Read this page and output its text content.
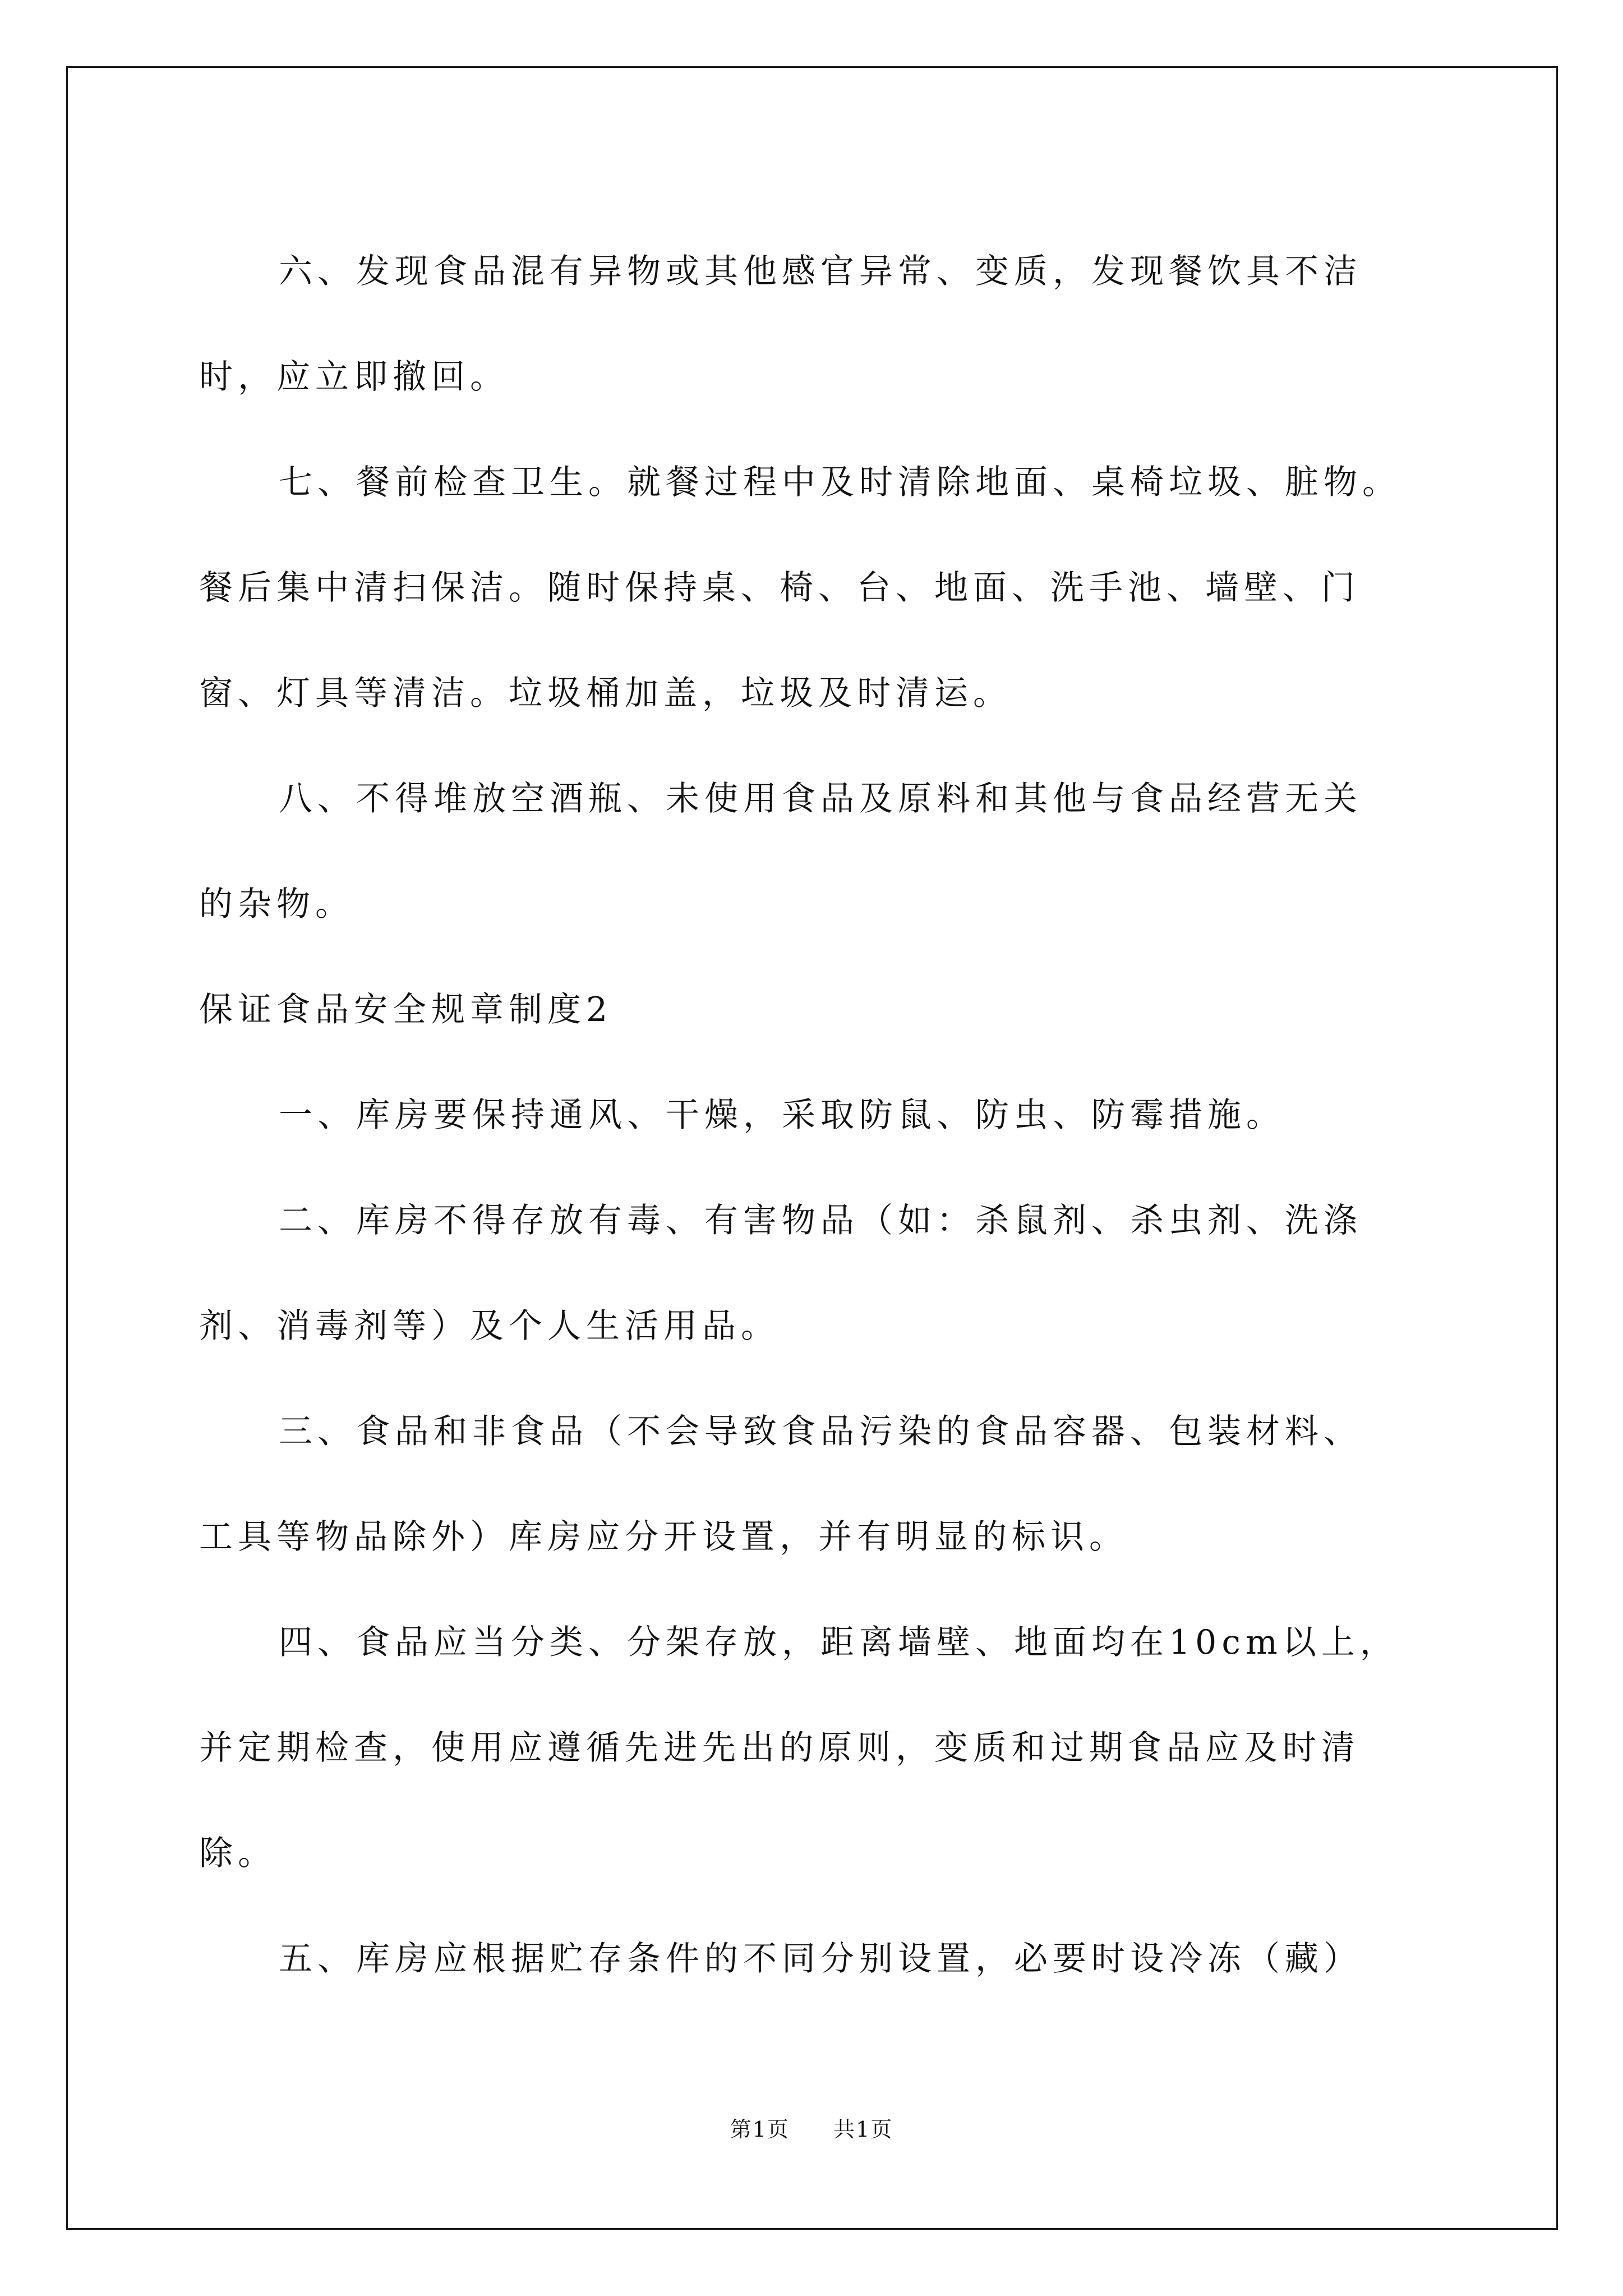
六、发现食品混有异物或其他感官异常、变质，发现餐饮具不洁

时，应立即撤回。

七、餐前检查卫生。就餐过程中及时清除地面、桌椅垃圾、脏物。

餐后集中清扫保洁。随时保持桌、椅、台、地面、洗手池、墙壁、门

窗、灯具等清洁。垃圾桶加盖，垃圾及时清运。

八、不得堆放空酒瓶、未使用食品及原料和其他与食品经营无关

的杂物。

保证食品安全规章制度2

一、库房要保持通风、干燥，采取防鼠、防虫、防霉措施。

二、库房不得存放有毒、有害物品（如：杀鼠剂、杀虫剂、洗涤

剂、消毒剂等）及个人生活用品。

三、食品和非食品（不会导致食品污染的食品容器、包装材料、

工具等物品除外）库房应分开设置，并有明显的标识。

四、食品应当分类、分架存放，距离墙壁、地面均在10cm以上，

并定期检查，使用应遵循先进先出的原则，变质和过期食品应及时清

除。

五、库房应根据贮存条件的不同分别设置，必要时设冷冻（藏）

第1页 共1页
